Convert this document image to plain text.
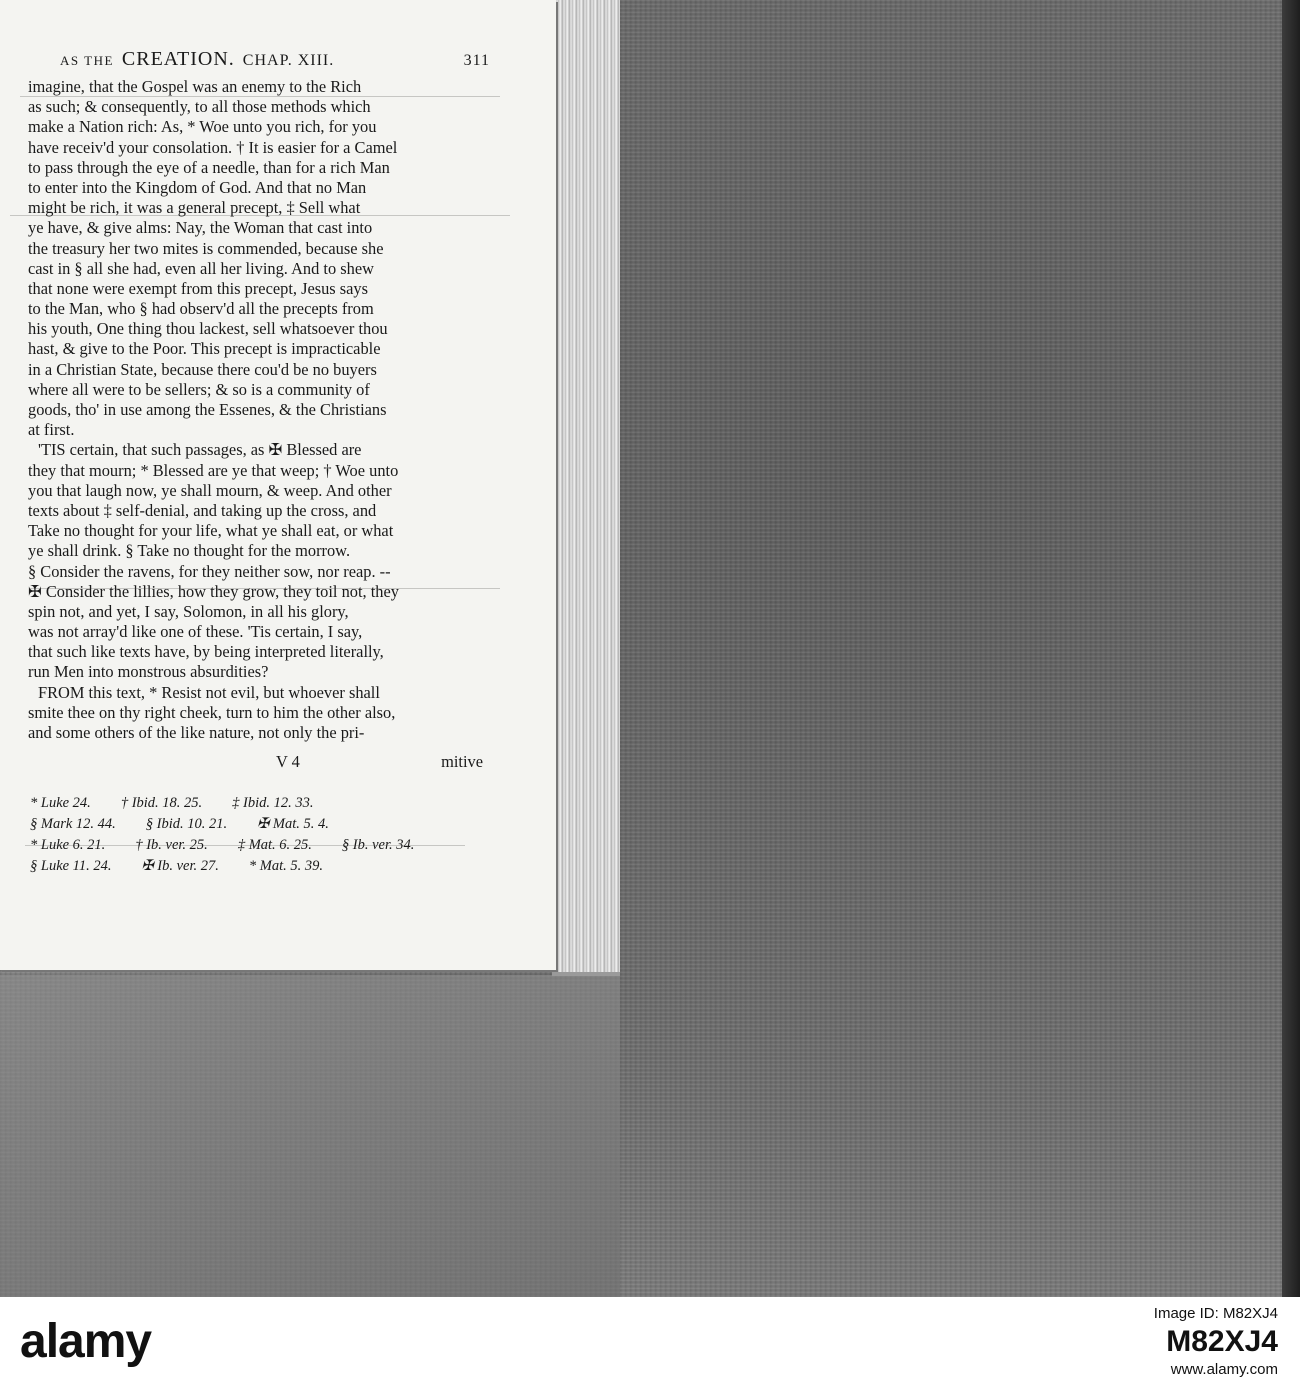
AS THE CREATION. CHAP. XIII.	311
imagine, that the Gospel was an enemy to the Rich
as such; & consequently, to all those methods which
make a Nation rich: As, * Woe unto you rich, for you
have receiv'd your consolation. † It is easier for a Camel
to pass through the eye of a needle, than for a rich Man
to enter into the Kingdom of God. And that no Man
might be rich, it was a general precept, ‡ Sell what
ye have, & give alms: Nay, the Woman that cast into
the treasury her two mites is commended, because she
cast in § all she had, even all her living. And to shew
that none were exempt from this precept, Jesus says
to the Man, who § had observ'd all the precepts from
his youth, One thing thou lackest, sell whatsoever thou
hast, & give to the Poor. This precept is impracticable
in a Christian State, because there cou'd be no buyers
where all were to be sellers; & so is a community of
goods, tho' in use among the Essenes, & the Christians
at first.
'TIS certain, that such passages, as ✠ Blessed are
they that mourn; * Blessed are ye that weep; † Woe unto
you that laugh now, ye shall mourn, & weep. And other
texts about ‡ self-denial, and taking up the cross, and
Take no thought for your life, what ye shall eat, or what
ye shall drink. § Take no thought for the morrow.
§ Consider the ravens, for they neither sow, nor reap. --
✠ Consider the lillies, how they grow, they toil not, they
spin not, and yet, I say, Solomon, in all his glory,
was not array'd like one of these. 'Tis certain, I say,
that such like texts have, by being interpreted literally,
run Men into monstrous absurdities?
FROM this text, * Resist not evil, but whoever shall
smite thee on thy right cheek, turn to him the other also,
and some others of the like nature, not only the pri-
V 4	mitive
* Luke 24. † Ibid. 18. 25. ‡ Ibid. 12. 33.
§ Mark 12. 44. § Ibid. 10. 21. ✠ Mat. 5. 4.
* Luke 6. 21. † Ib. ver. 25. ‡ Mat. 6. 25. § Ib. ver. 34.
§ Luke 11. 24. ✠ Ib. ver. 27. * Mat. 5. 39.
alamy
Image ID: M82XJ4
M82XJ4
www.alamy.com
